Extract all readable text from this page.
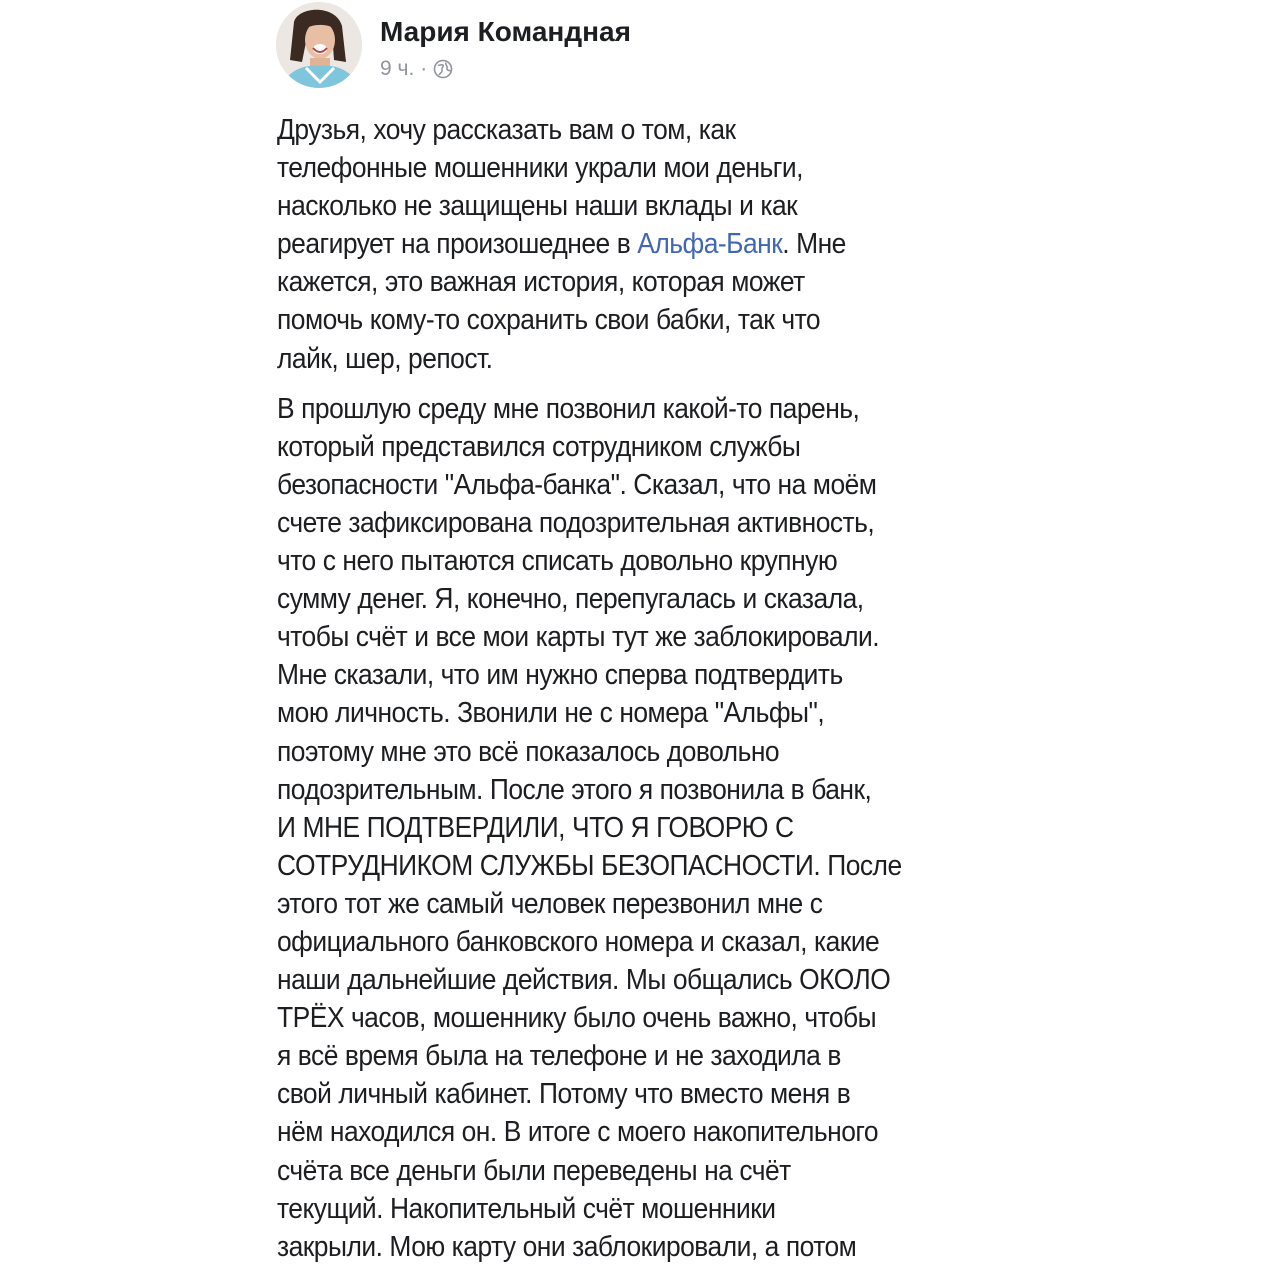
Мария Командная
9 ч. ·

Друзья, хочу рассказать вам о том, как
телефонные мошенники украли мои деньги,
насколько не защищены наши вклады и как
реагирует на произошеднее в Альфа-Банк. Мне
кажется, это важная история, которая может
помочь кому-то сохранить свои бабки, так что
лайк, шер, репост.

В прошлую среду мне позвонил какой-то парень,
который представился сотрудником службы
безопасности "Альфа-банка". Сказал, что на моём
счете зафиксирована подозрительная активность,
что с него пытаются списать довольно крупную
сумму денег. Я, конечно, перепугалась и сказала,
чтобы счёт и все мои карты тут же заблокировали.
Мне сказали, что им нужно сперва подтвердить
мою личность. Звонили не с номера "Альфы",
поэтому мне это всё показалось довольно
подозрительным. После этого я позвонила в банк,
И МНЕ ПОДТВЕРДИЛИ, ЧТО Я ГОВОРЮ С
СОТРУДНИКОМ СЛУЖБЫ БЕЗОПАСНОСТИ. После
этого тот же самый человек перезвонил мне с
официального банковского номера и сказал, какие
наши дальнейшие действия. Мы общались ОКОЛО
ТРЁХ часов, мошеннику было очень важно, чтобы
я всё время была на телефоне и не заходила в
свой личный кабинет. Потому что вместо меня в
нём находился он. В итоге с моего накопительного
счёта все деньги были переведены на счёт
текущий. Накопительный счёт мошенники
закрыли. Мою карту они заблокировали, а потом
